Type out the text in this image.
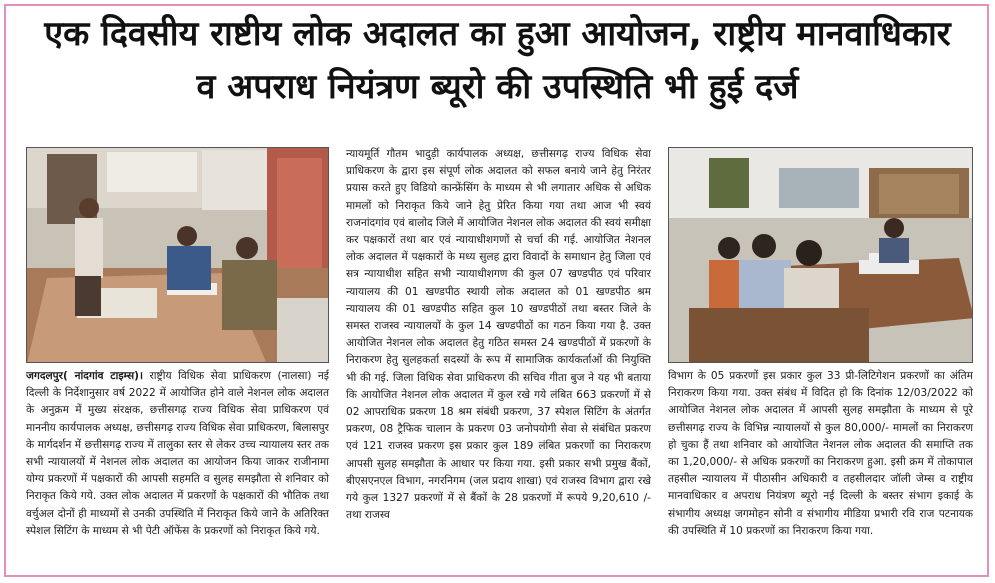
एक दिवसीय राष्टीय लोक अदालत का हुआ आयोजन, राष्ट्रीय मानवाधिकार
व अपराध नियंत्रण ब्यूरो की उपस्थिति भी हुई दर्ज

जगदलपुर( नांदगांव टाइम्स)। राष्ट्रीय विधिक सेवा प्राधिकरण (नालसा) नई दिल्ली के निर्देशानुसार वर्ष 2022 में आयोजित होने वाले नेशनल लोक अदालत के अनुक्रम में मुख्य संरक्षक, छत्तीसगढ़ राज्य विधिक सेवा प्राधिकरण एवं माननीय कार्यपालक अध्यक्ष, छत्तीसगढ़ राज्य विधिक सेवा प्राधिकरण, बिलासपुर के मार्गदर्शन में छत्तीसगढ़ राज्य में तालुका स्तर से लेकर उच्च न्यायालय स्तर तक सभी न्यायालयों में नेशनल लोक अदालत का आयोजन किया जाकर राजीनामा योग्य प्रकरणों में पक्षकारों की आपसी सहमति व सुलह समझौता से शनिवार को निराकृत किये गये. उक्त लोक अदालत में प्रकरणों के पक्षकारों की भौतिक तथा वर्चुअल दोनों ही माध्यमों से उनकी उपस्थिति में निराकृत किये जाने के अतिरिक्त स्पेशल सिटिंग के माध्यम से भी पेटी ऑफेंस के प्रकरणों को निराकृत किये गये.

न्यायमूर्ति गौतम भादुड़ी कार्यपालक अध्यक्ष, छत्तीसगढ़ राज्य विधिक सेवा प्राधिकरण के द्वारा इस संपूर्ण लोक अदालत को सफल बनाये जाने हेतु निरंतर प्रयास करते हुए विडियो कान्फ्रेंसिंग के माध्यम से भी लगातार अधिक से अधिक मामलों को निराकृत किये जाने हेतु प्रेरित किया गया तथा आज भी स्वयं राजनांदगांव एवं बालोद जिले में आयोजित नेशनल लोक अदालत की स्वयं समीक्षा कर पक्षकारों तथा बार एवं न्यायाधीशगणों से चर्चा की गई. आयोजित नेशनल लोक अदालत में पक्षकारों के मध्य सुलह द्वारा विवादों के समाधान हेतु जिला एवं सत्र न्यायाधीश सहित सभी न्यायाधीशगण की कुल 07 खण्डपीठ एवं परिवार न्यायालय की 01 खण्डपीठ स्थायी लोक अदालत को 01 खण्डपीठ श्रम न्यायालय की 01 खण्डपीठ सहित कुल 10 खण्डपीठों तथा बस्तर जिले के समस्त राजस्व न्यायालयों के कुल 14 खण्डपीठों का गठन किया गया है. उक्त आयोजित नेशनल लोक अदालत हेतु गठित समस्त 24 खण्डपीठों में प्रकरणों के निराकरण हेतु सुलहकर्ता सदस्यों के रूप में सामाजिक कार्यकर्ताओं की नियुक्ति भी की गई. जिला विधिक सेवा प्राधिकरण की सचिव गीता बुज ने यह भी बताया कि आयोजित नेशनल लोक अदालत में कुल रखे गये लंबित 663 प्रकरणों में से 02 आपराधिक प्रकरण 18 श्रम संबंधी प्रकरण, 37 स्पेशल सिटिंग के अंतर्गत प्रकरण, 08 ट्रैफिक चालान के प्रकरण 03 जनोपयोगी सेवा से संबंधित प्रकरण एवं 121 राजस्व प्रकरण इस प्रकार कुल 189 लंबित प्रकरणों का निराकरण आपसी सुलह समझौता के आधार पर किया गया. इसी प्रकार सभी प्रमुख बैंकों, बीएसएनएल विभाग, नगरनिगम (जल प्रदाय शाखा) एवं राजस्व विभाग द्वारा रखे गये कुल 1327 प्रकरणों में से बैंकों के 28 प्रकरणों में रूपये 9,20,610 /- तथा राजस्व

विभाग के 05 प्रकरणों इस प्रकार कुल 33 प्री-लिटिगेशन प्रकरणों का अंतिम निराकरण किया गया. उक्त संबंध में विदित हो कि दिनांक 12/03/2022 को आयोजित नेशनल लोक अदालत में आपसी सुलह समझौता के माध्यम से पूरे छत्तीसगढ़ राज्य के विभिन्न न्यायालयों से कुल 80,000/- मामलों का निराकरण हो चुका हैं तथा शनिवार को आयोजित नेशनल लोक अदालत की समाप्ति तक का 1,20,000/- से अधिक प्रकरणों का निराकरण हुआ. इसी क्रम में तोकापाल तहसील न्यायालय में पीठासीन अधिकारी व तहसीलदार जॉली जेम्स व राष्ट्रीय मानवाधिकार व अपराध नियंत्रण ब्यूरो नई दिल्ली के बस्तर संभाग इकाई के संभागीय अध्यक्ष जगमोहन सोनी व संभागीय मीडिया प्रभारी रवि राज पटनायक की उपस्थिति में 10 प्रकरणों का निराकरण किया गया.
